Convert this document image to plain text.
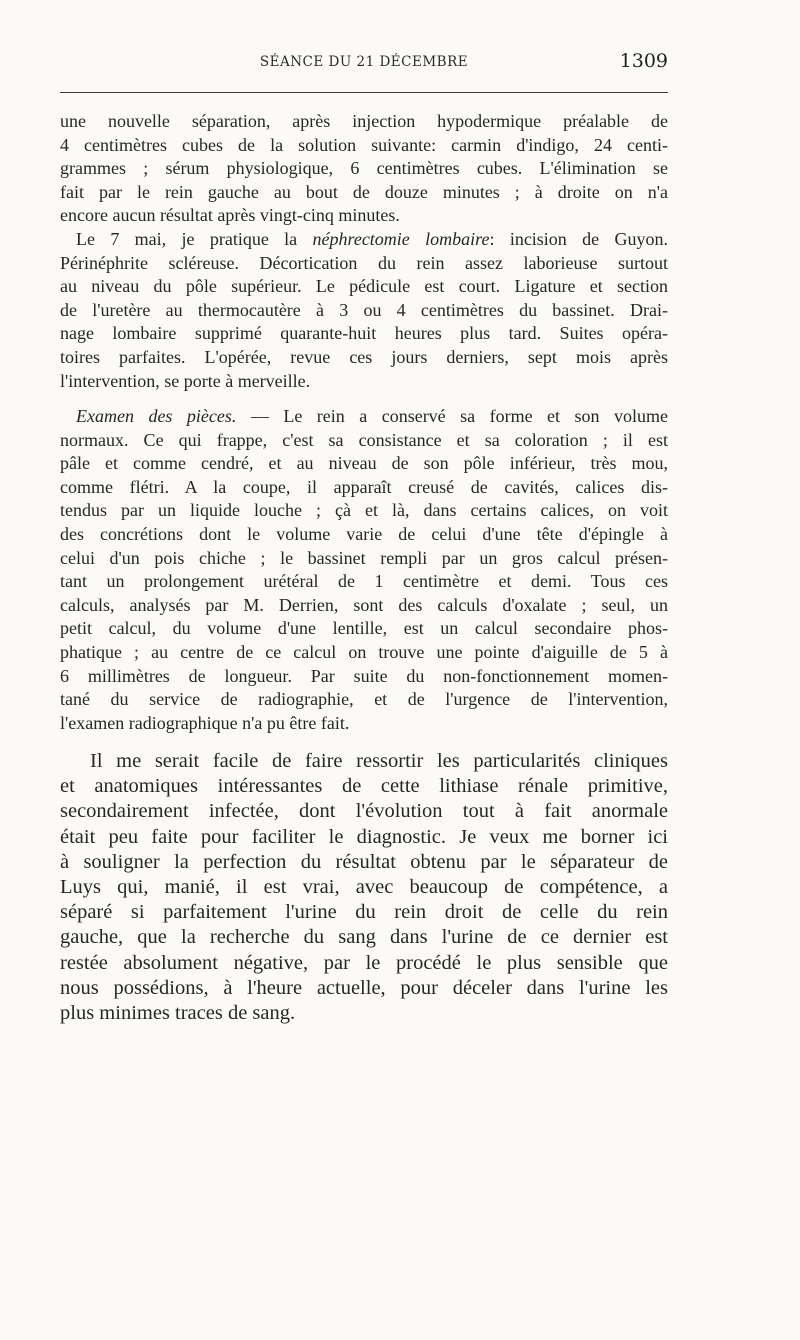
SÉANCE DU 21 DÉCEMBRE	1309
une nouvelle séparation, après injection hypodermique préalable de
4 centimètres cubes de la solution suivante: carmin d'indigo, 24 centi-
grammes ; sérum physiologique, 6 centimètres cubes. L'élimination se
fait par le rein gauche au bout de douze minutes ; à droite on n'a
encore aucun résultat après vingt-cinq minutes.
Le 7 mai, je pratique la néphrectomie lombaire: incision de Guyon.
Périnéphrite scléreuse. Décortication du rein assez laborieuse surtout
au niveau du pôle supérieur. Le pédicule est court. Ligature et section
de l'uretère au thermocautère à 3 ou 4 centimètres du bassinet. Drai-
nage lombaire supprimé quarante-huit heures plus tard. Suites opéra-
toires parfaites. L'opérée, revue ces jours derniers, sept mois après
l'intervention, se porte à merveille.
Examen des pièces. — Le rein a conservé sa forme et son volume
normaux. Ce qui frappe, c'est sa consistance et sa coloration ; il est
pâle et comme cendré, et au niveau de son pôle inférieur, très mou,
comme flétri. A la coupe, il apparaît creusé de cavités, calices dis-
tendus par un liquide louche ; çà et là, dans certains calices, on voit
des concrétions dont le volume varie de celui d'une tête d'épingle à
celui d'un pois chiche ; le bassinet rempli par un gros calcul présen-
tant un prolongement urétéral de 1 centimètre et demi. Tous ces
calculs, analysés par M. Derrien, sont des calculs d'oxalate ; seul, un
petit calcul, du volume d'une lentille, est un calcul secondaire phos-
phatique ; au centre de ce calcul on trouve une pointe d'aiguille de 5 à
6 millimètres de longueur. Par suite du non-fonctionnement momen-
tané du service de radiographie, et de l'urgence de l'intervention,
l'examen radiographique n'a pu être fait.
Il me serait facile de faire ressortir les particularités cliniques
et anatomiques intéressantes de cette lithiase rénale primitive,
secondairement infectée, dont l'évolution tout à fait anormale
était peu faite pour faciliter le diagnostic. Je veux me borner ici
à souligner la perfection du résultat obtenu par le séparateur de
Luys qui, manié, il est vrai, avec beaucoup de compétence, a
séparé si parfaitement l'urine du rein droit de celle du rein
gauche, que la recherche du sang dans l'urine de ce dernier est
restée absolument négative, par le procédé le plus sensible que
nous possédions, à l'heure actuelle, pour déceler dans l'urine les
plus minimes traces de sang.
